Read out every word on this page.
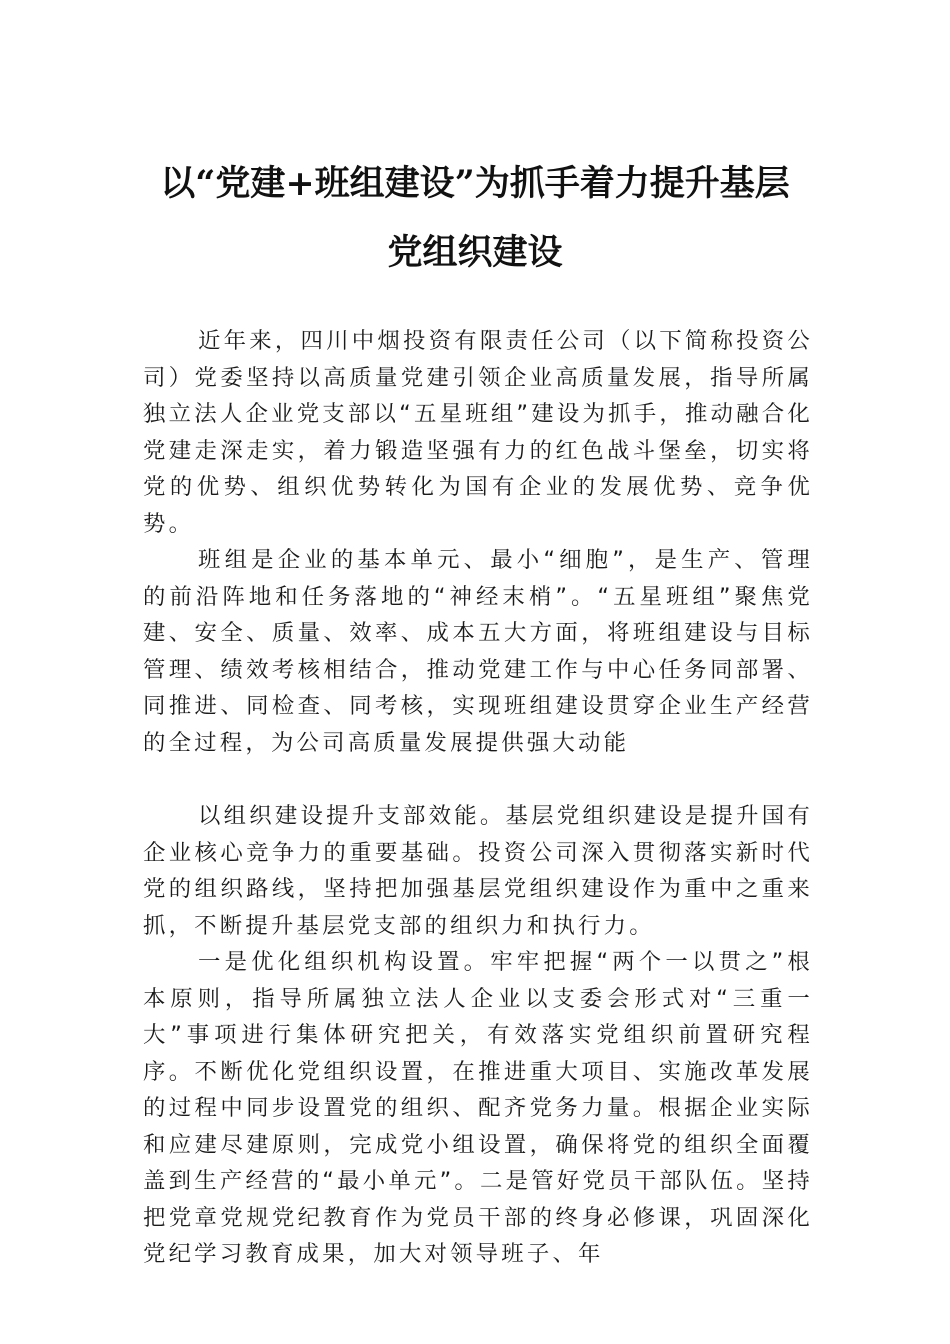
以“党建+班组建设”为抓手着力提升基层
党组织建设

近年来，四川中烟投资有限责任公司（以下简称投资公司）党委坚持以高质量党建引领企业高质量发展，指导所属独立法人企业党支部以“五星班组”建设为抓手，推动融合化党建走深走实，着力锻造坚强有力的红色战斗堡垒，切实将党的优势、组织优势转化为国有企业的发展优势、竞争优势。

班组是企业的基本单元、最小“细胞”，是生产、管理的前沿阵地和任务落地的“神经末梢”。“五星班组”聚焦党建、安全、质量、效率、成本五大方面，将班组建设与目标管理、绩效考核相结合，推动党建工作与中心任务同部署、同推进、同检查、同考核，实现班组建设贯穿企业生产经营的全过程，为公司高质量发展提供强大动能

以组织建设提升支部效能。基层党组织建设是提升国有企业核心竞争力的重要基础。投资公司深入贯彻落实新时代党的组织路线，坚持把加强基层党组织建设作为重中之重来抓，不断提升基层党支部的组织力和执行力。

一是优化组织机构设置。牢牢把握“两个一以贯之”根本原则，指导所属独立法人企业以支委会形式对“三重一大”事项进行集体研究把关，有效落实党组织前置研究程序。不断优化党组织设置，在推进重大项目、实施改革发展的过程中同步设置党的组织、配齐党务力量。根据企业实际和应建尽建原则，完成党小组设置，确保将党的组织全面覆盖到生产经营的“最小单元”。二是管好党员干部队伍。坚持把党章党规党纪教育作为党员干部的终身必修课，巩固深化党纪学习教育成果，加大对领导班子、年
